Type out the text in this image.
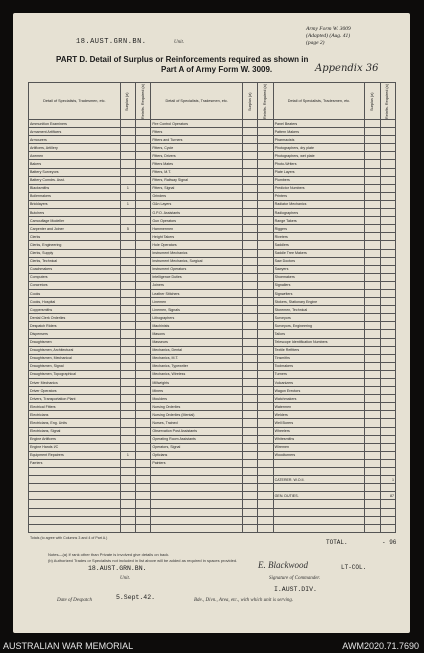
18.AUST.GRN.BN.	Unit.
Army Form W. 3009
(Adapted) (Aug. 41)
(page 2)
PART D. Detail of Surplus or Reinforcements required as shown in
Part A of Army Form W. 3009.	Appendix 36
Detail of Specialists, Tradesmen, etc.	Surplus (a)	Reinfts. Required (a)	Detail of Specialists, Tradesmen, etc.	Surplus (a)	Reinfts. Required (a)	Detail of Specialists, Tradesmen, etc.	Surplus (a)	Reinfts. Required (a)
Ammunition Examiners			Fire Control Operators			Panel Beaters		
Armament Artificers			Fitters			Pattern Makers		
Armourers			Fitters and Turners			Pharmacists		
Artificers, Artillery			Fitters, Cycle			Photographers, dry plate		
Axemen			Fitters, Drivers			Photographers, wet plate		
Bakers			Fitters Mates			Photo-Writers		
Battery Surveyors			Fitters, M.T.			Plate Layers		
Battery Comdrs. Asst.			Fitters, Railway Signal			Plumbers		
Blacksmiths	1		Fitters, Signal			Predictor Numbers		
Boilermakers			Grinders			Printers		
Bricklayers	1		G&n Layers			Radiator Mechanics		
Butchers			G.P.O. Assistants			Radiographers		
Camouflage Modeller			Gun Operators			Range Takers		
Carpenter and Joiner	5		Hammermen			Riggers		
Clerks			Height Takers			Riveters		
Clerks, Engineering			Hole Operators			Saddlers		
Clerks, Supply			Instrument Mechanics			Saddle Tree Makers		
Clerks, Technical			Instrument Mechanics, Surgical			Saw Doctors		
Coachmakers			Instrument Operators			Sawyers		
Computers			Intelligence Duties			Shoemakers		
Concretors			Joiners			Signallers		
Cooks			Leather Stitchers			Signwriters		
Cooks, Hospital			Linemen			Stokers, Stationary Engine		
Coppersmiths			Linemen, Signals			Storemen, Technical		
Dental Clerk Orderlies			Lithographers			Surveyors		
Despatch Riders			Machinists			Surveyors, Engineering		
Dispensers			Masons			Tailors		
Draughtsmen			Masseurs			Telescope Identification Numbers		
Draughtsmen, Architectural			Mechanics, Dental			Textile Refitters		
Draughtsmen, Mechanical			Mechanics, M.T.			Tinsmiths		
Draughtsmen, Signal			Mechanics, Typewriter			Toolmakers		
Draughtsmen, Topographical			Mechanics, Wireless			Turners		
Driver Mechanics			Millwrights			Vulcanizers		
Driver Operators			Miners			Wagon Erectors		
Drivers, Transportation Plant			Moulders			Watchmakers		
Electrical Fitters			Nursing Orderlies			Watermen		
Electricians			Nursing Orderlies (Mental)			Welders		
Electricians, Eng. Units			Nurses, Trained			Well Borers		
Electricians, Signal			Observation Post Assistants			Wheelers		
Engine Artificers			Operating Room Assistants			Whitesmiths		
Engine Hands I/C			Operators, Signal			Wiremen		
Equipment Repairers	1		Opticians			Woodturners		
Farriers			Painters					

						CATERER. W.O.II.		1

						GEN. DUTIES.		87

Totals (to agree with Columns 3 and 4 of Part A.)
TOTAL.	- 96
Notes—(a) If rank other than Private is involved give details on back.
(b) Authorized Trades or Specialists not included in list above will be added as required in spaces provided.
18.AUST.GRN.BN.
Unit.
E. Blackwood	LT-COL.
Signature of Commander.
I.AUST.DIV.
Date of Despatch	5.Sept.42.	Bde., Divn., Area, etc., with which unit is serving.
AUSTRALIAN WAR MEMORIAL	AWM2020.71.7690
